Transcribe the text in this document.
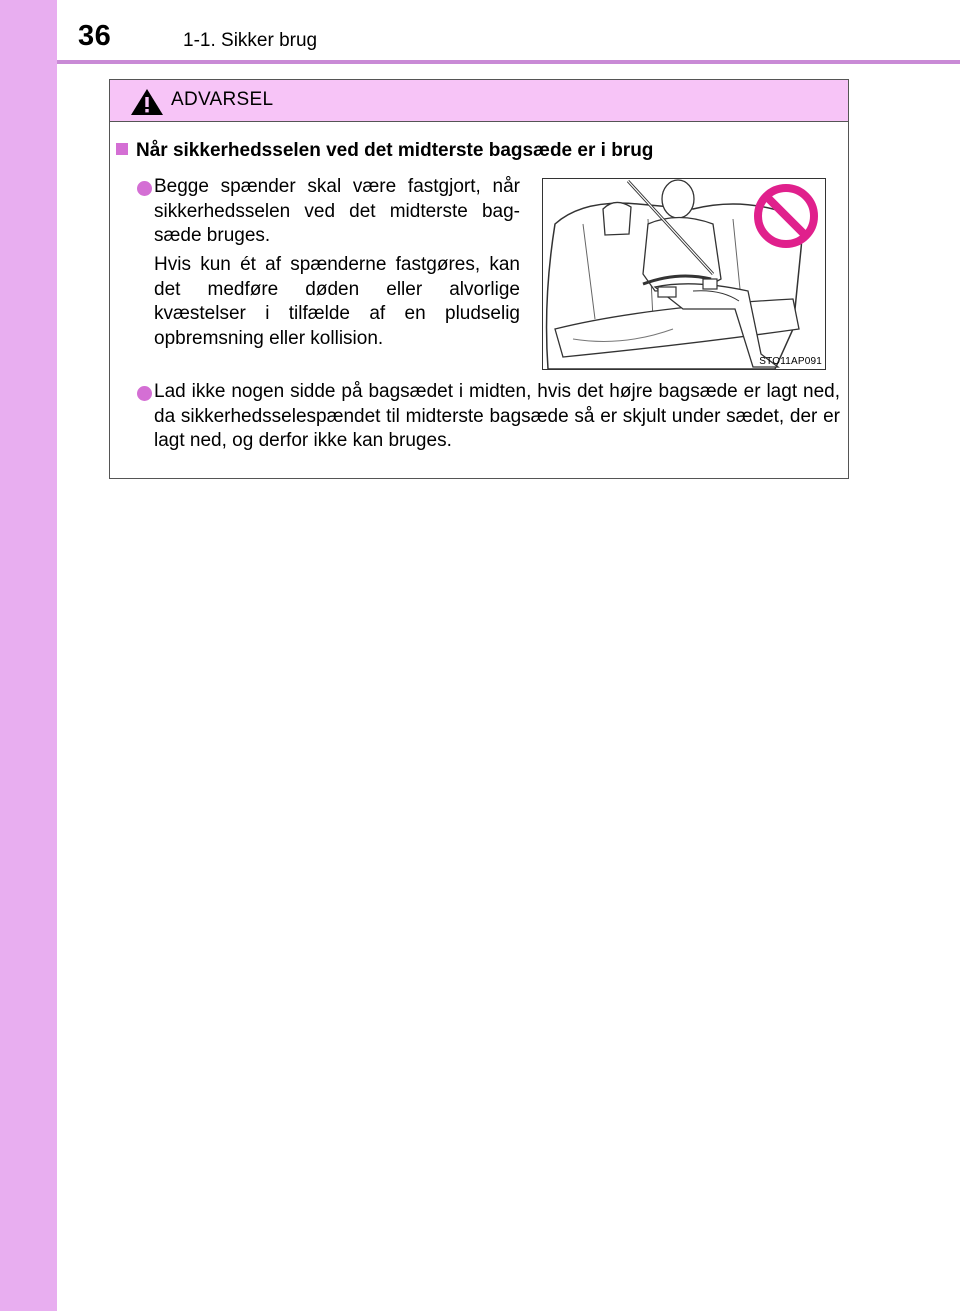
36	1-1. Sikker brug
ADVARSEL
Når sikkerhedsselen ved det midterste bagsæde er i brug
Begge spænder skal være fastgjort, når sikkerhedsselen ved det midterste bag-sæde bruges.
Hvis kun ét af spænderne fastgøres, kan det medføre døden eller alvorlige kvæstelser i tilfælde af en pludselig opbremsning eller kollision.
STO11AP091
Lad ikke nogen sidde på bagsædet i midten, hvis det højre bagsæde er lagt ned, da sikkerhedsselespændet til midterste bagsæde så er skjult under sædet, der er lagt ned, og derfor ikke kan bruges.
